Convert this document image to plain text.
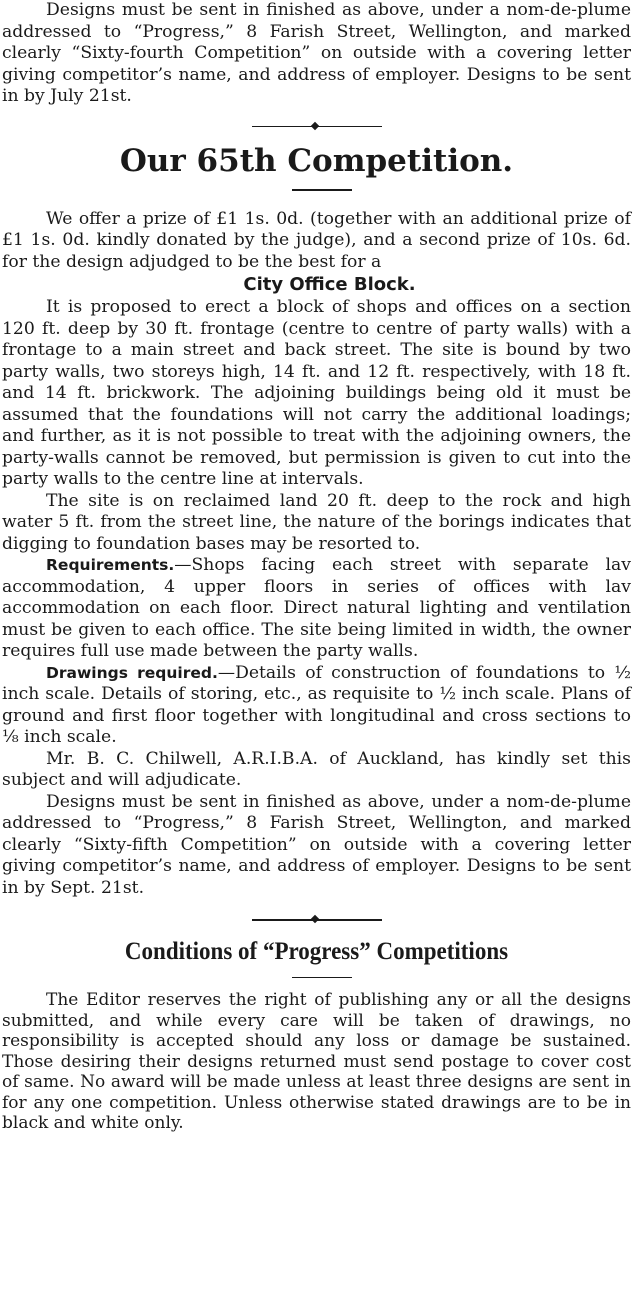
Designs must be sent in finished as above, under a nom-de-plume addressed to “Progress,” 8 Farish Street, Wellington, and marked clearly “Sixty-fourth Competition” on outside with a covering letter giving competitor’s name, and address of employer. Designs to be sent in by July 21st.

Our 65th Competition.

We offer a prize of £1 1s. 0d. (together with an additional prize of £1 1s. 0d. kindly donated by the judge), and a second prize of 10s. 6d. for the design adjudged to be the best for a

City Office Block.

It is proposed to erect a block of shops and offices on a section 120 ft. deep by 30 ft. frontage (centre to centre of party walls) with a frontage to a main street and back street. The site is bound by two party walls, two storeys high, 14 ft. and 12 ft. respectively, with 18 ft. and 14 ft. brickwork. The adjoining buildings being old it must be assumed that the foundations will not carry the additional loadings; and further, as it is not possible to treat with the adjoining owners, the party-walls cannot be removed, but permission is given to cut into the party walls to the centre line at intervals.

The site is on reclaimed land 20 ft. deep to the rock and high water 5 ft. from the street line, the nature of the borings indicates that digging to foundation bases may be resorted to.

Requirements.—Shops facing each street with separate lav accommodation, 4 upper floors in series of offices with lav accommodation on each floor. Direct natural lighting and ventilation must be given to each office. The site being limited in width, the owner requires full use made between the party walls.

Drawings required.—Details of construction of foundations to ½ inch scale. Details of storing, etc., as requisite to ½ inch scale. Plans of ground and first floor together with longitudinal and cross sections to ⅛ inch scale.

Mr. B. C. Chilwell, A.R.I.B.A. of Auckland, has kindly set this subject and will adjudicate.

Designs must be sent in finished as above, under a nom-de-plume addressed to “Progress,” 8 Farish Street, Wellington, and marked clearly “Sixty-fifth Competition” on outside with a covering letter giving competitor’s name, and address of employer. Designs to be sent in by Sept. 21st.

Conditions of “Progress” Competitions

The Editor reserves the right of publishing any or all the designs submitted, and while every care will be taken of drawings, no responsibility is accepted should any loss or damage be sustained. Those desiring their designs returned must send postage to cover cost of same. No award will be made unless at least three designs are sent in for any one competition. Unless otherwise stated drawings are to be in black and white only.
